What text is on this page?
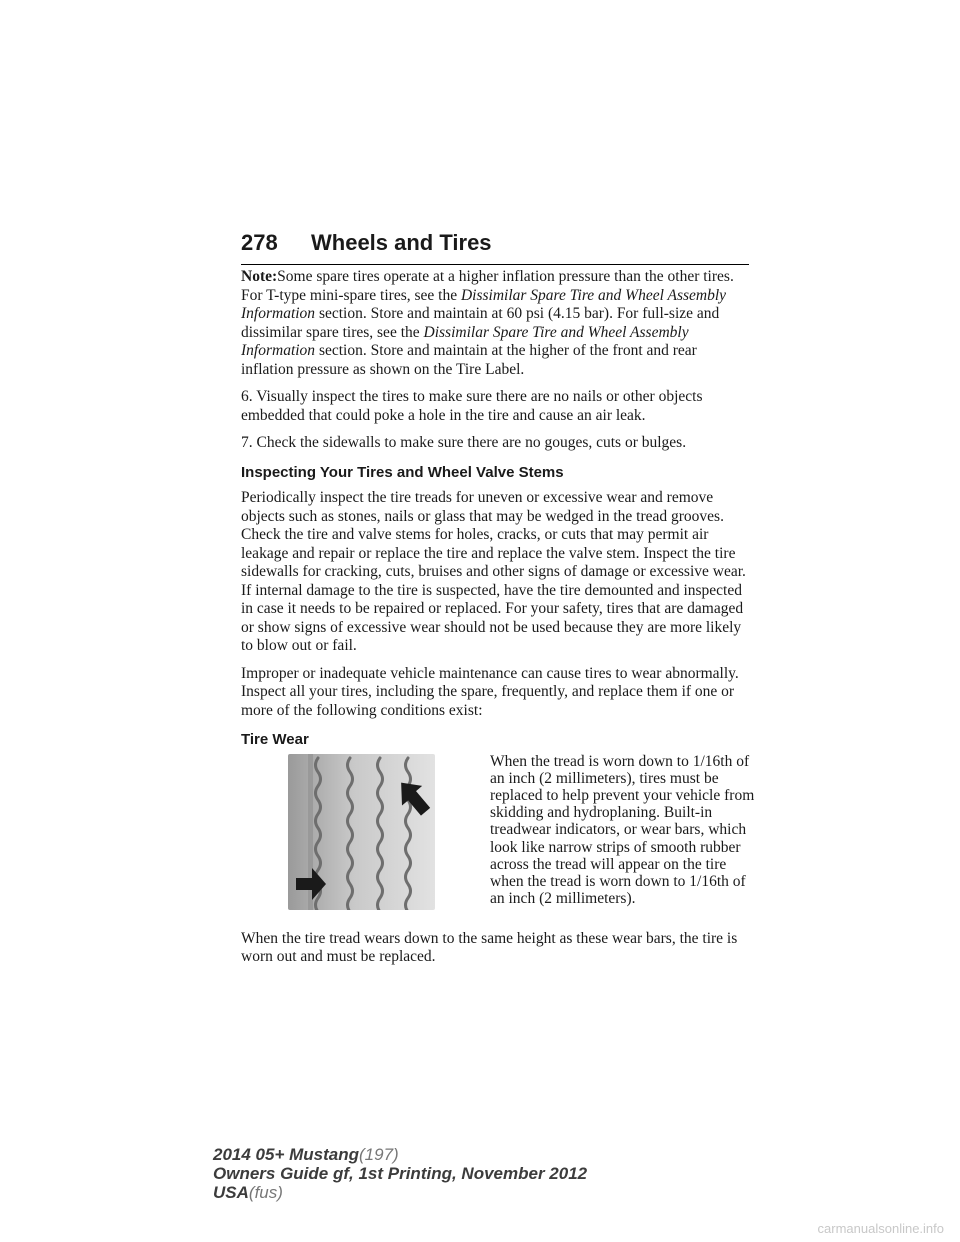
278 Wheels and Tires

Note:Some spare tires operate at a higher inflation pressure than the other tires. For T-type mini-spare tires, see the Dissimilar Spare Tire and Wheel Assembly Information section. Store and maintain at 60 psi (4.15 bar). For full-size and dissimilar spare tires, see the Dissimilar Spare Tire and Wheel Assembly Information section. Store and maintain at the higher of the front and rear inflation pressure as shown on the Tire Label.

6. Visually inspect the tires to make sure there are no nails or other objects embedded that could poke a hole in the tire and cause an air leak.

7. Check the sidewalls to make sure there are no gouges, cuts or bulges.

Inspecting Your Tires and Wheel Valve Stems

Periodically inspect the tire treads for uneven or excessive wear and remove objects such as stones, nails or glass that may be wedged in the tread grooves. Check the tire and valve stems for holes, cracks, or cuts that may permit air leakage and repair or replace the tire and replace the valve stem. Inspect the tire sidewalls for cracking, cuts, bruises and other signs of damage or excessive wear. If internal damage to the tire is suspected, have the tire demounted and inspected in case it needs to be repaired or replaced. For your safety, tires that are damaged or show signs of excessive wear should not be used because they are more likely to blow out or fail.

Improper or inadequate vehicle maintenance can cause tires to wear abnormally. Inspect all your tires, including the spare, frequently, and replace them if one or more of the following conditions exist:

Tire Wear
When the tread is worn down to 1/16th of an inch (2 millimeters), tires must be replaced to help prevent your vehicle from skidding and hydroplaning. Built-in treadwear indicators, or wear bars, which look like narrow strips of smooth rubber across the tread will appear on the tire when the tread is worn down to 1/16th of an inch (2 millimeters).

When the tire tread wears down to the same height as these wear bars, the tire is worn out and must be replaced.

2014 05+ Mustang(197)
Owners Guide gf, 1st Printing, November 2012
USA(fus)
carmanualsonline.info
